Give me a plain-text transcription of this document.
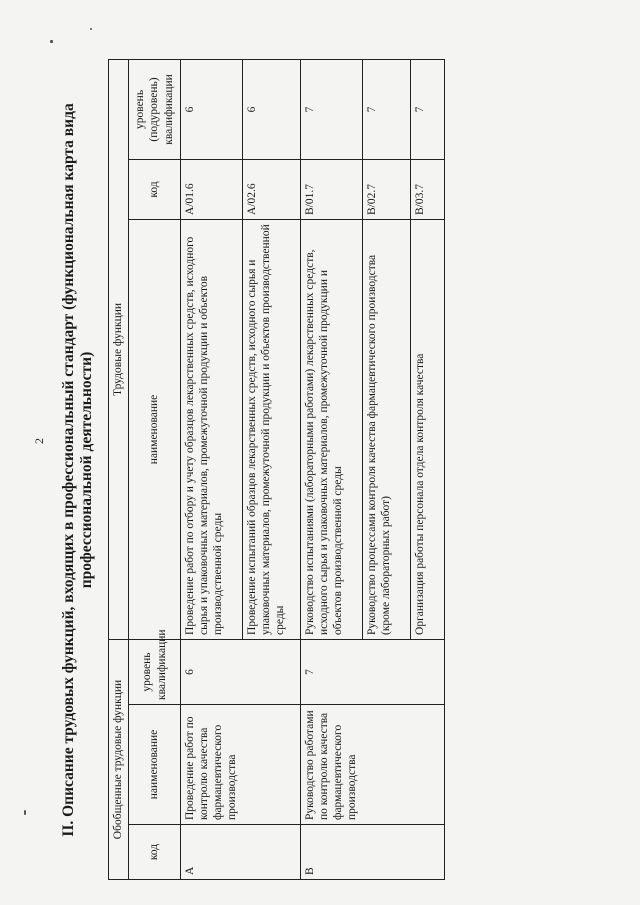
2 II. Описание трудовых функций, входящих в профессиональный стандарт (функциональная карта вида профессиональной деятельности)
Обобщенные трудовые функции			Трудовые функции		
код	наименование	уровень квалификации	наименование	код	уровень (подуровень) квалификации
A	Проведение работ по контролю качества фармацевтического производства	6	Проведение работ по отбору и учету образцов лекарственных средств, исходного сырья и упаковочных материалов, промежуточной продукции и объектов производственной среды	A/01.6	6
			Проведение испытаний образцов лекарственных средств, исходного сырья и упаковочных материалов, промежуточной продукции и объектов производственной среды	A/02.6	6
B	Руководство работами по контролю качества фармацевтического производства	7	Руководство испытаниями (лабораторными работами) лекарственных средств, исходного сырья и упаковочных материалов, промежуточной продукции и объектов производственной среды	B/01.7	7
			Руководство процессами контроля качества фармацевтического производства (кроме лабораторных работ)	B/02.7	7
			Организация работы персонала отдела контроля качества	B/03.7	7
